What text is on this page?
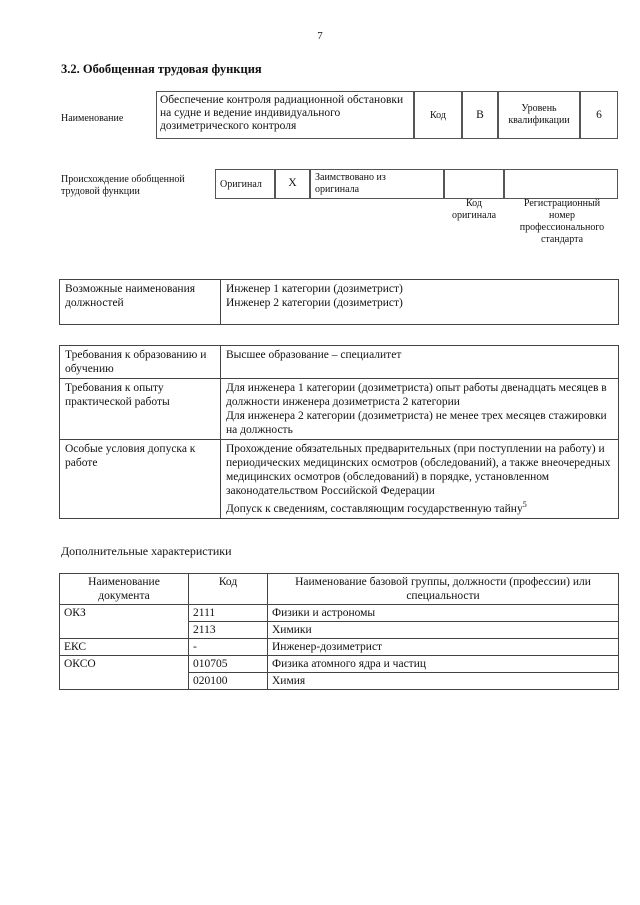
7
3.2. Обобщенная трудовая функция
Наименование
Обеспечение контроля радиационной обстановки на судне и ведение индивидуального дозиметрического контроля
Код	B
Уровень квалификации	6
Происхождение обобщенной трудовой функции
Оригинал	X	Заимствовано из оригинала
Код оригинала
Регистрационный номер профессионального стандарта
Возможные наименования должностей	
Инженер 1 категории (дозиметрист)
Инженер 2 категории (дозиметрист)
Требования к образованию и обучению	Высшее образование – специалитет
Требования к опыту практической работы	Для инженера 1 категории (дозиметриста) опыт работы двенадцать месяцев в должности инженера дозиметриста 2 категории
Для инженера 2 категории (дозиметриста) не менее трех месяцев стажировки на должность

Особые условия допуска к работе	Прохождение обязательных предварительных (при поступлении на работу) и периодических медицинских осмотров (обследований), а также внеочередных медицинских осмотров (обследований) в порядке, установленном законодательством Российской Федерации
Допуск к сведениям, составляющим государственную тайну$^5$
Дополнительные характеристики
Наименование документа	Код	Наименование базовой группы, должности (профессии) или специальности
ОКЗ	2111	Физики и астрономы
	2113	Химики
ЕКС	-	Инженер-дозиметрист
ОКСО	010705	Физика атомного ядра и частиц
	020100	Химия
